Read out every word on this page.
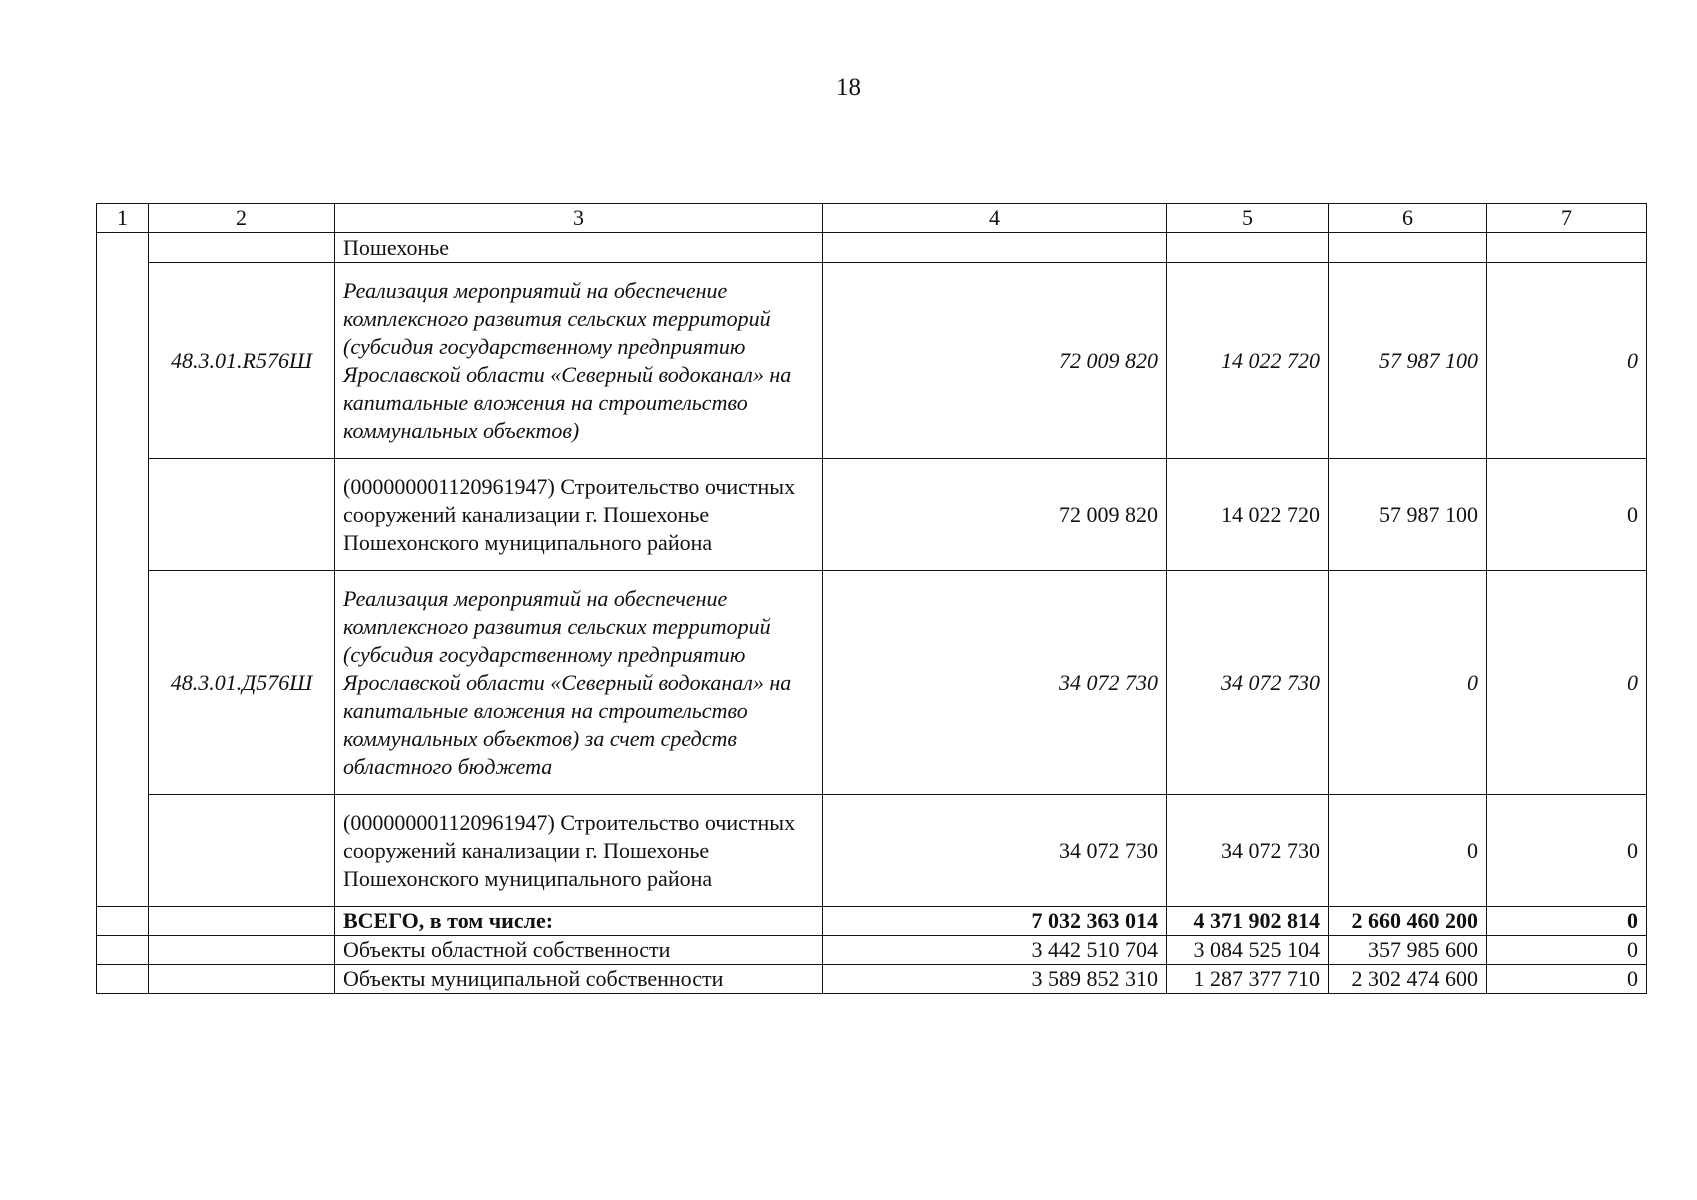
18
1	2	3	4	5	6	7
		Пошехонье				
	48.3.01.R576Ш	Реализация мероприятий на обеспечение комплексного развития сельских территорий (субсидия государственному предприятию Ярославской области «Северный водоканал» на капитальные вложения на строительство коммунальных объектов)	72 009 820	14 022 720	57 987 100	0
		(000000001120961947) Строительство очистных сооружений канализации г. Пошехонье Пошехонского муниципального района	72 009 820	14 022 720	57 987 100	0
	48.3.01.Д576Ш	Реализация мероприятий на обеспечение комплексного развития сельских территорий (субсидия государственному предприятию Ярославской области «Северный водоканал» на капитальные вложения на строительство коммунальных объектов) за счет средств областного бюджета	34 072 730	34 072 730	0	0
		(000000001120961947) Строительство очистных сооружений канализации г. Пошехонье Пошехонского муниципального района	34 072 730	34 072 730	0	0
		ВСЕГО, в том числе:	7 032 363 014	4 371 902 814	2 660 460 200	0
		Объекты областной собственности	3 442 510 704	3 084 525 104	357 985 600	0
		Объекты муниципальной собственности	3 589 852 310	1 287 377 710	2 302 474 600	0
